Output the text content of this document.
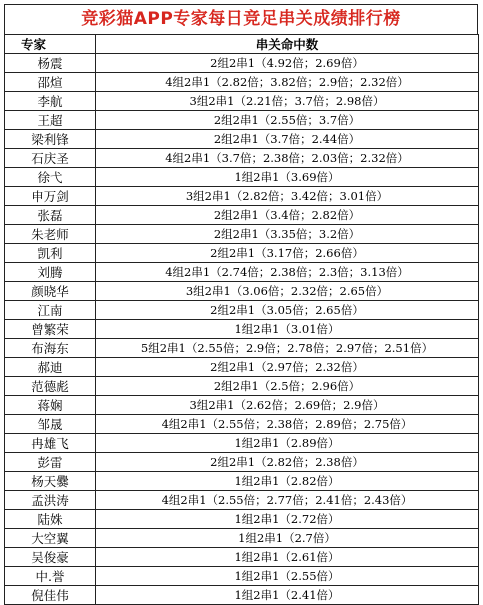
竞彩猫APP专家每日竞足串关成绩排行榜
专家	串关命中数
杨震	2组2串1（4.92倍；2.69倍）
邵煊	4组2串1（2.82倍；3.82倍；2.9倍；2.32倍）
李航	3组2串1（2.21倍；3.7倍；2.98倍）
王超	2组2串1（2.55倍；3.7倍）
梁利锋	2组2串1（3.7倍；2.44倍）
石庆圣	4组2串1（3.7倍；2.38倍；2.03倍；2.32倍）
徐弋	1组2串1（3.69倍）
申万剑	3组2串1（2.82倍；3.42倍；3.01倍）
张磊	2组2串1（3.4倍；2.82倍）
朱老师	2组2串1（3.35倍；3.2倍）
凯利	2组2串1（3.17倍；2.66倍）
刘腾	4组2串1（2.74倍；2.38倍；2.3倍；3.13倍）
颜晓华	3组2串1（3.06倍；2.32倍；2.65倍）
江南	2组2串1（3.05倍；2.65倍）
曾繁荣	1组2串1（3.01倍）
布海东	5组2串1（2.55倍；2.9倍；2.78倍；2.97倍；2.51倍）
郝迪	2组2串1（2.97倍；2.32倍）
范德彪	2组2串1（2.5倍；2.96倍）
蒋娴	3组2串1（2.62倍；2.69倍；2.9倍）
邹晟	4组2串1（2.55倍；2.38倍；2.89倍；2.75倍）
冉雄飞	1组2串1（2.89倍）
彭雷	2组2串1（2.82倍；2.38倍）
杨天爨	1组2串1（2.82倍）
孟洪涛	4组2串1（2.55倍；2.77倍；2.41倍；2.43倍）
陆姝	1组2串1（2.72倍）
大空翼	1组2串1（2.7倍）
吴俊豪	1组2串1（2.61倍）
中.誉	1组2串1（2.55倍）
倪佳伟	1组2串1（2.41倍）
